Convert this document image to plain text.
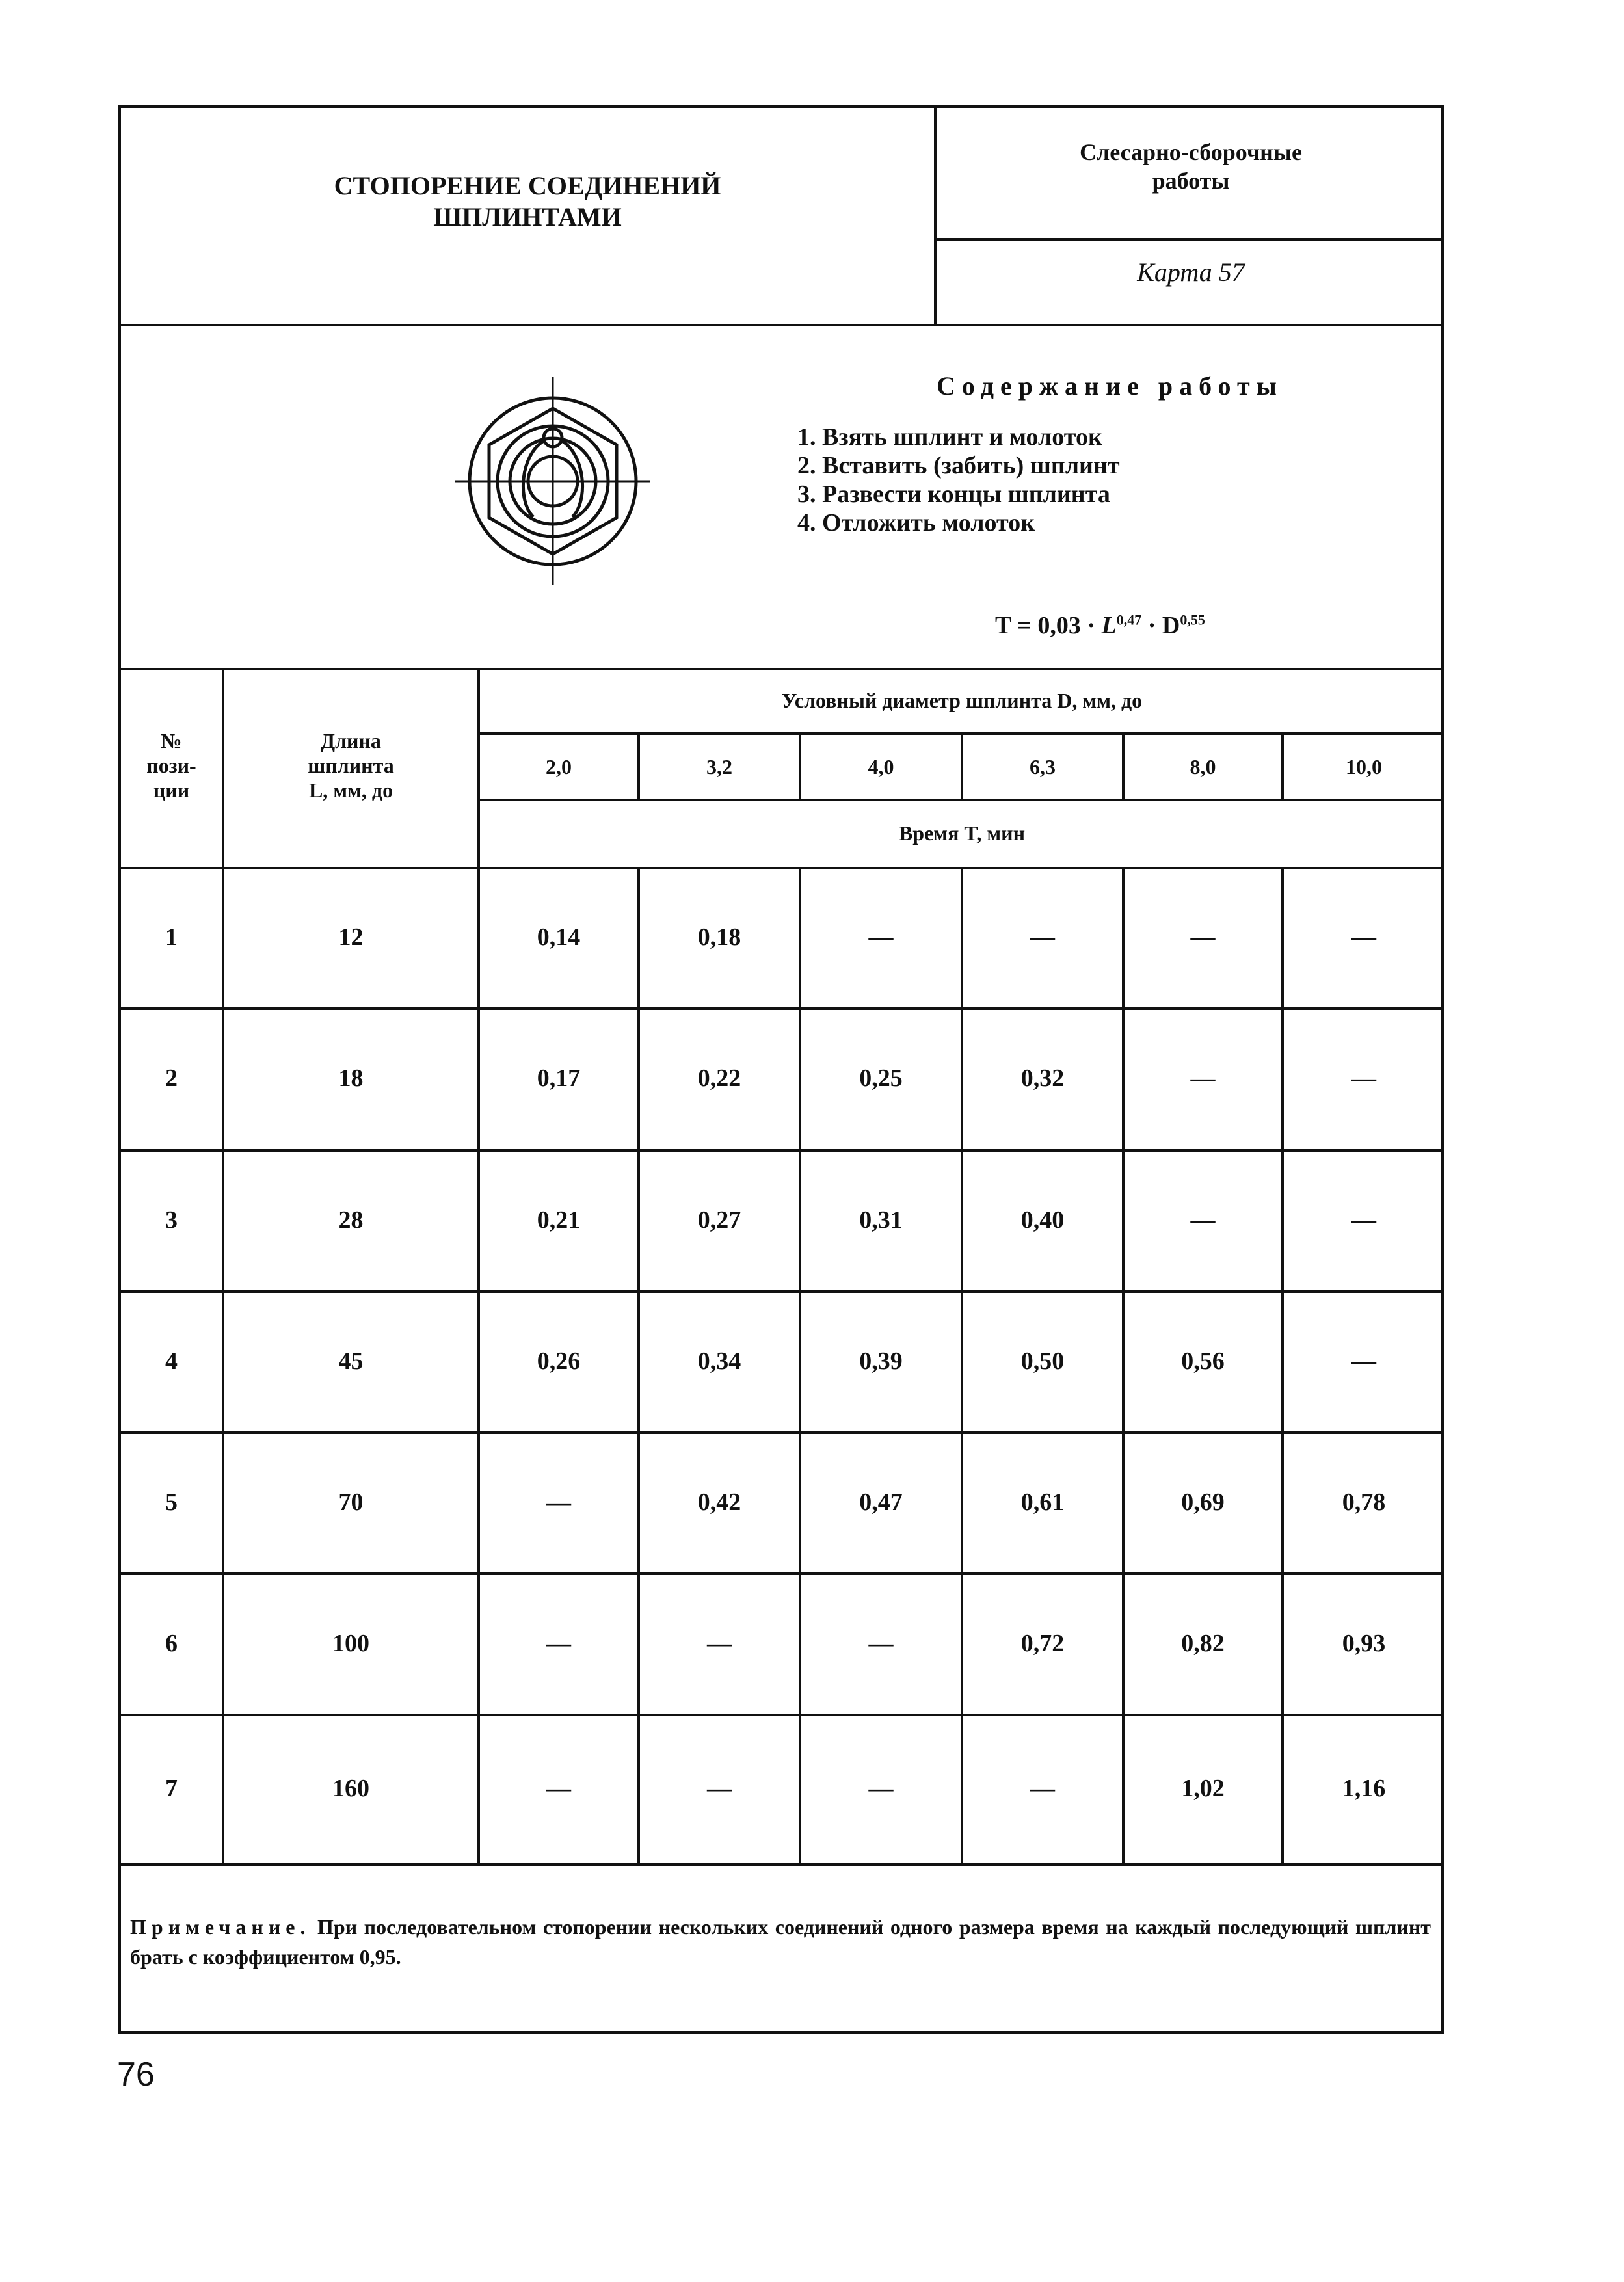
СТОПОРЕНИЕ СОЕДИНЕНИЙ
ШПЛИНТАМИ
Слесарно-сборочные
работы
Карта 57
Содержание работы
1. Взять шплинт и молоток
2. Вставить (забить) шплинт
3. Развести концы шплинта
4. Отложить молоток
T = 0,03 · L$^{0,47}$ · D$^{0,55}$
№
пози-
ции
Длина
шплинта
L, мм, до
Условный диаметр шплинта D, мм, до
2,0	3,2	4,0	6,3	8,0	10,0
Время T, мин
1	12	0,14	0,18	—	—	—	—
2	18	0,17	0,22	0,25	0,32	—	—
3	28	0,21	0,27	0,31	0,40	—	—
4	45	0,26	0,34	0,39	0,50	0,56	—
5	70	—	0,42	0,47	0,61	0,69	0,78
6	100	—	—	—	0,72	0,82	0,93
7	160	—	—	—	—	1,02	1,16
Примечание. При последовательном стопорении нескольких соединений одного размера время на каждый последующий шплинт брать с коэффициентом 0,95.
76
